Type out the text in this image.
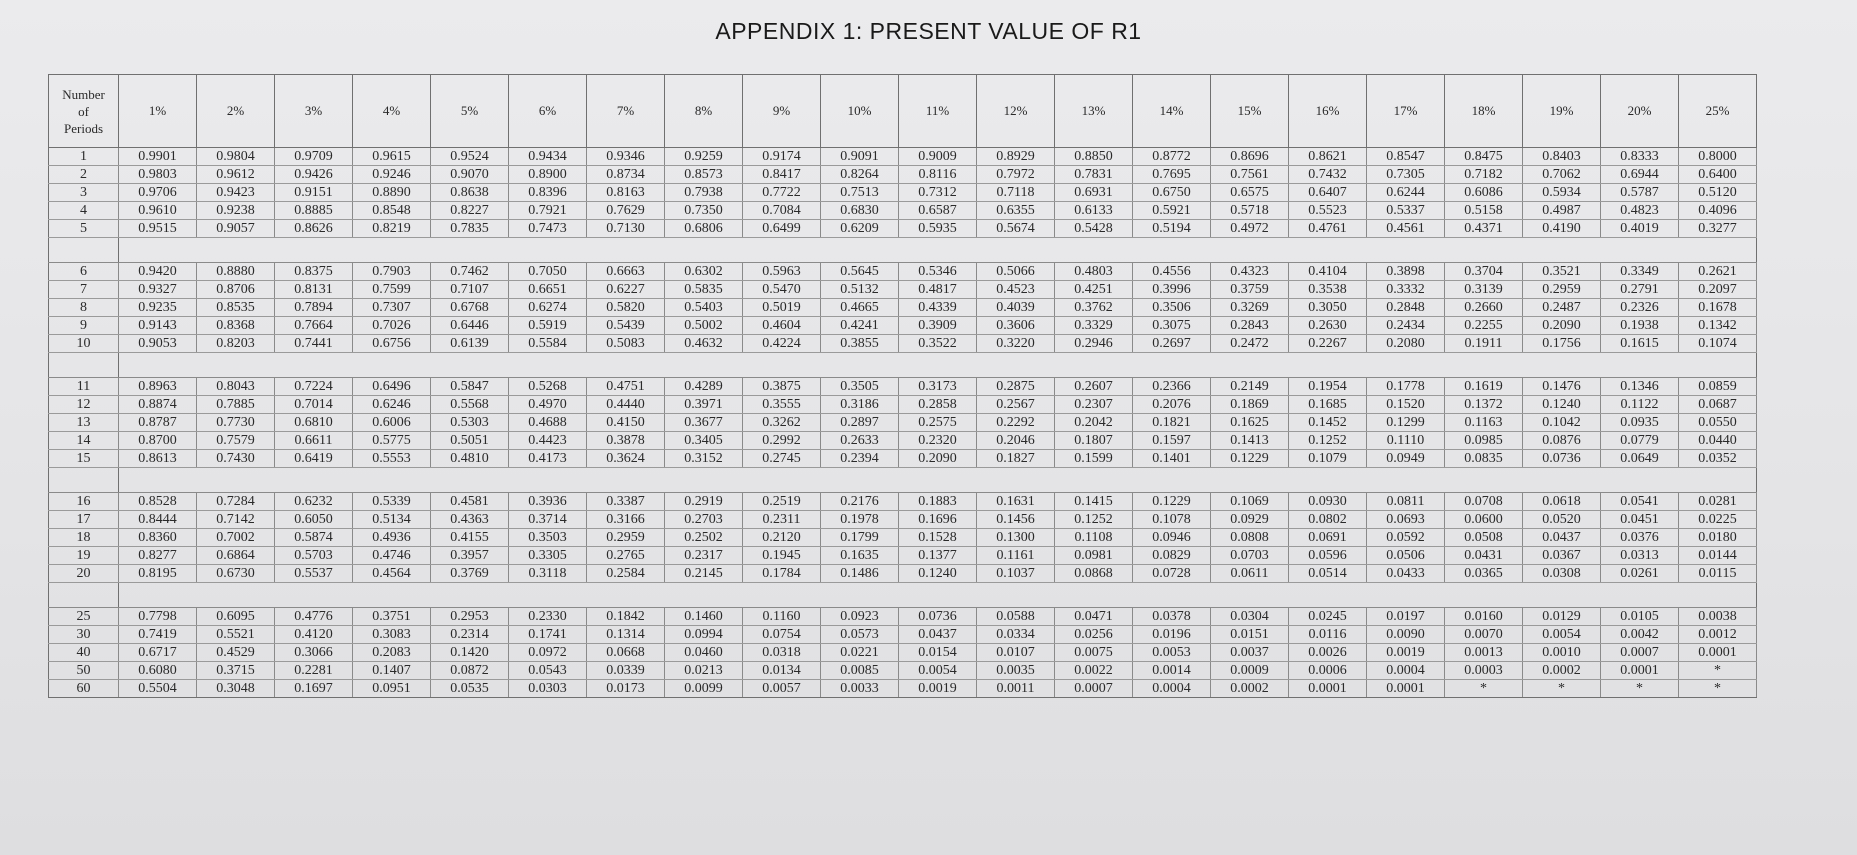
APPENDIX 1: PRESENT VALUE OF R1
Number
of
Periods	1%	2%	3%	4%	5%	6%	7%	8%	9%	10%	11%	12%	13%	14%	15%	16%	17%	18%	19%	20%	25%
1	0.9901	0.9804	0.9709	0.9615	0.9524	0.9434	0.9346	0.9259	0.9174	0.9091	0.9009	0.8929	0.8850	0.8772	0.8696	0.8621	0.8547	0.8475	0.8403	0.8333	0.8000
2	0.9803	0.9612	0.9426	0.9246	0.9070	0.8900	0.8734	0.8573	0.8417	0.8264	0.8116	0.7972	0.7831	0.7695	0.7561	0.7432	0.7305	0.7182	0.7062	0.6944	0.6400
3	0.9706	0.9423	0.9151	0.8890	0.8638	0.8396	0.8163	0.7938	0.7722	0.7513	0.7312	0.7118	0.6931	0.6750	0.6575	0.6407	0.6244	0.6086	0.5934	0.5787	0.5120
4	0.9610	0.9238	0.8885	0.8548	0.8227	0.7921	0.7629	0.7350	0.7084	0.6830	0.6587	0.6355	0.6133	0.5921	0.5718	0.5523	0.5337	0.5158	0.4987	0.4823	0.4096
5	0.9515	0.9057	0.8626	0.8219	0.7835	0.7473	0.7130	0.6806	0.6499	0.6209	0.5935	0.5674	0.5428	0.5194	0.4972	0.4761	0.4561	0.4371	0.4190	0.4019	0.3277

6	0.9420	0.8880	0.8375	0.7903	0.7462	0.7050	0.6663	0.6302	0.5963	0.5645	0.5346	0.5066	0.4803	0.4556	0.4323	0.4104	0.3898	0.3704	0.3521	0.3349	0.2621
7	0.9327	0.8706	0.8131	0.7599	0.7107	0.6651	0.6227	0.5835	0.5470	0.5132	0.4817	0.4523	0.4251	0.3996	0.3759	0.3538	0.3332	0.3139	0.2959	0.2791	0.2097
8	0.9235	0.8535	0.7894	0.7307	0.6768	0.6274	0.5820	0.5403	0.5019	0.4665	0.4339	0.4039	0.3762	0.3506	0.3269	0.3050	0.2848	0.2660	0.2487	0.2326	0.1678
9	0.9143	0.8368	0.7664	0.7026	0.6446	0.5919	0.5439	0.5002	0.4604	0.4241	0.3909	0.3606	0.3329	0.3075	0.2843	0.2630	0.2434	0.2255	0.2090	0.1938	0.1342
10	0.9053	0.8203	0.7441	0.6756	0.6139	0.5584	0.5083	0.4632	0.4224	0.3855	0.3522	0.3220	0.2946	0.2697	0.2472	0.2267	0.2080	0.1911	0.1756	0.1615	0.1074

11	0.8963	0.8043	0.7224	0.6496	0.5847	0.5268	0.4751	0.4289	0.3875	0.3505	0.3173	0.2875	0.2607	0.2366	0.2149	0.1954	0.1778	0.1619	0.1476	0.1346	0.0859
12	0.8874	0.7885	0.7014	0.6246	0.5568	0.4970	0.4440	0.3971	0.3555	0.3186	0.2858	0.2567	0.2307	0.2076	0.1869	0.1685	0.1520	0.1372	0.1240	0.1122	0.0687
13	0.8787	0.7730	0.6810	0.6006	0.5303	0.4688	0.4150	0.3677	0.3262	0.2897	0.2575	0.2292	0.2042	0.1821	0.1625	0.1452	0.1299	0.1163	0.1042	0.0935	0.0550
14	0.8700	0.7579	0.6611	0.5775	0.5051	0.4423	0.3878	0.3405	0.2992	0.2633	0.2320	0.2046	0.1807	0.1597	0.1413	0.1252	0.1110	0.0985	0.0876	0.0779	0.0440
15	0.8613	0.7430	0.6419	0.5553	0.4810	0.4173	0.3624	0.3152	0.2745	0.2394	0.2090	0.1827	0.1599	0.1401	0.1229	0.1079	0.0949	0.0835	0.0736	0.0649	0.0352

16	0.8528	0.7284	0.6232	0.5339	0.4581	0.3936	0.3387	0.2919	0.2519	0.2176	0.1883	0.1631	0.1415	0.1229	0.1069	0.0930	0.0811	0.0708	0.0618	0.0541	0.0281
17	0.8444	0.7142	0.6050	0.5134	0.4363	0.3714	0.3166	0.2703	0.2311	0.1978	0.1696	0.1456	0.1252	0.1078	0.0929	0.0802	0.0693	0.0600	0.0520	0.0451	0.0225
18	0.8360	0.7002	0.5874	0.4936	0.4155	0.3503	0.2959	0.2502	0.2120	0.1799	0.1528	0.1300	0.1108	0.0946	0.0808	0.0691	0.0592	0.0508	0.0437	0.0376	0.0180
19	0.8277	0.6864	0.5703	0.4746	0.3957	0.3305	0.2765	0.2317	0.1945	0.1635	0.1377	0.1161	0.0981	0.0829	0.0703	0.0596	0.0506	0.0431	0.0367	0.0313	0.0144
20	0.8195	0.6730	0.5537	0.4564	0.3769	0.3118	0.2584	0.2145	0.1784	0.1486	0.1240	0.1037	0.0868	0.0728	0.0611	0.0514	0.0433	0.0365	0.0308	0.0261	0.0115

25	0.7798	0.6095	0.4776	0.3751	0.2953	0.2330	0.1842	0.1460	0.1160	0.0923	0.0736	0.0588	0.0471	0.0378	0.0304	0.0245	0.0197	0.0160	0.0129	0.0105	0.0038
30	0.7419	0.5521	0.4120	0.3083	0.2314	0.1741	0.1314	0.0994	0.0754	0.0573	0.0437	0.0334	0.0256	0.0196	0.0151	0.0116	0.0090	0.0070	0.0054	0.0042	0.0012
40	0.6717	0.4529	0.3066	0.2083	0.1420	0.0972	0.0668	0.0460	0.0318	0.0221	0.0154	0.0107	0.0075	0.0053	0.0037	0.0026	0.0019	0.0013	0.0010	0.0007	0.0001
50	0.6080	0.3715	0.2281	0.1407	0.0872	0.0543	0.0339	0.0213	0.0134	0.0085	0.0054	0.0035	0.0022	0.0014	0.0009	0.0006	0.0004	0.0003	0.0002	0.0001	*
60	0.5504	0.3048	0.1697	0.0951	0.0535	0.0303	0.0173	0.0099	0.0057	0.0033	0.0019	0.0011	0.0007	0.0004	0.0002	0.0001	0.0001	*	*	*	*
